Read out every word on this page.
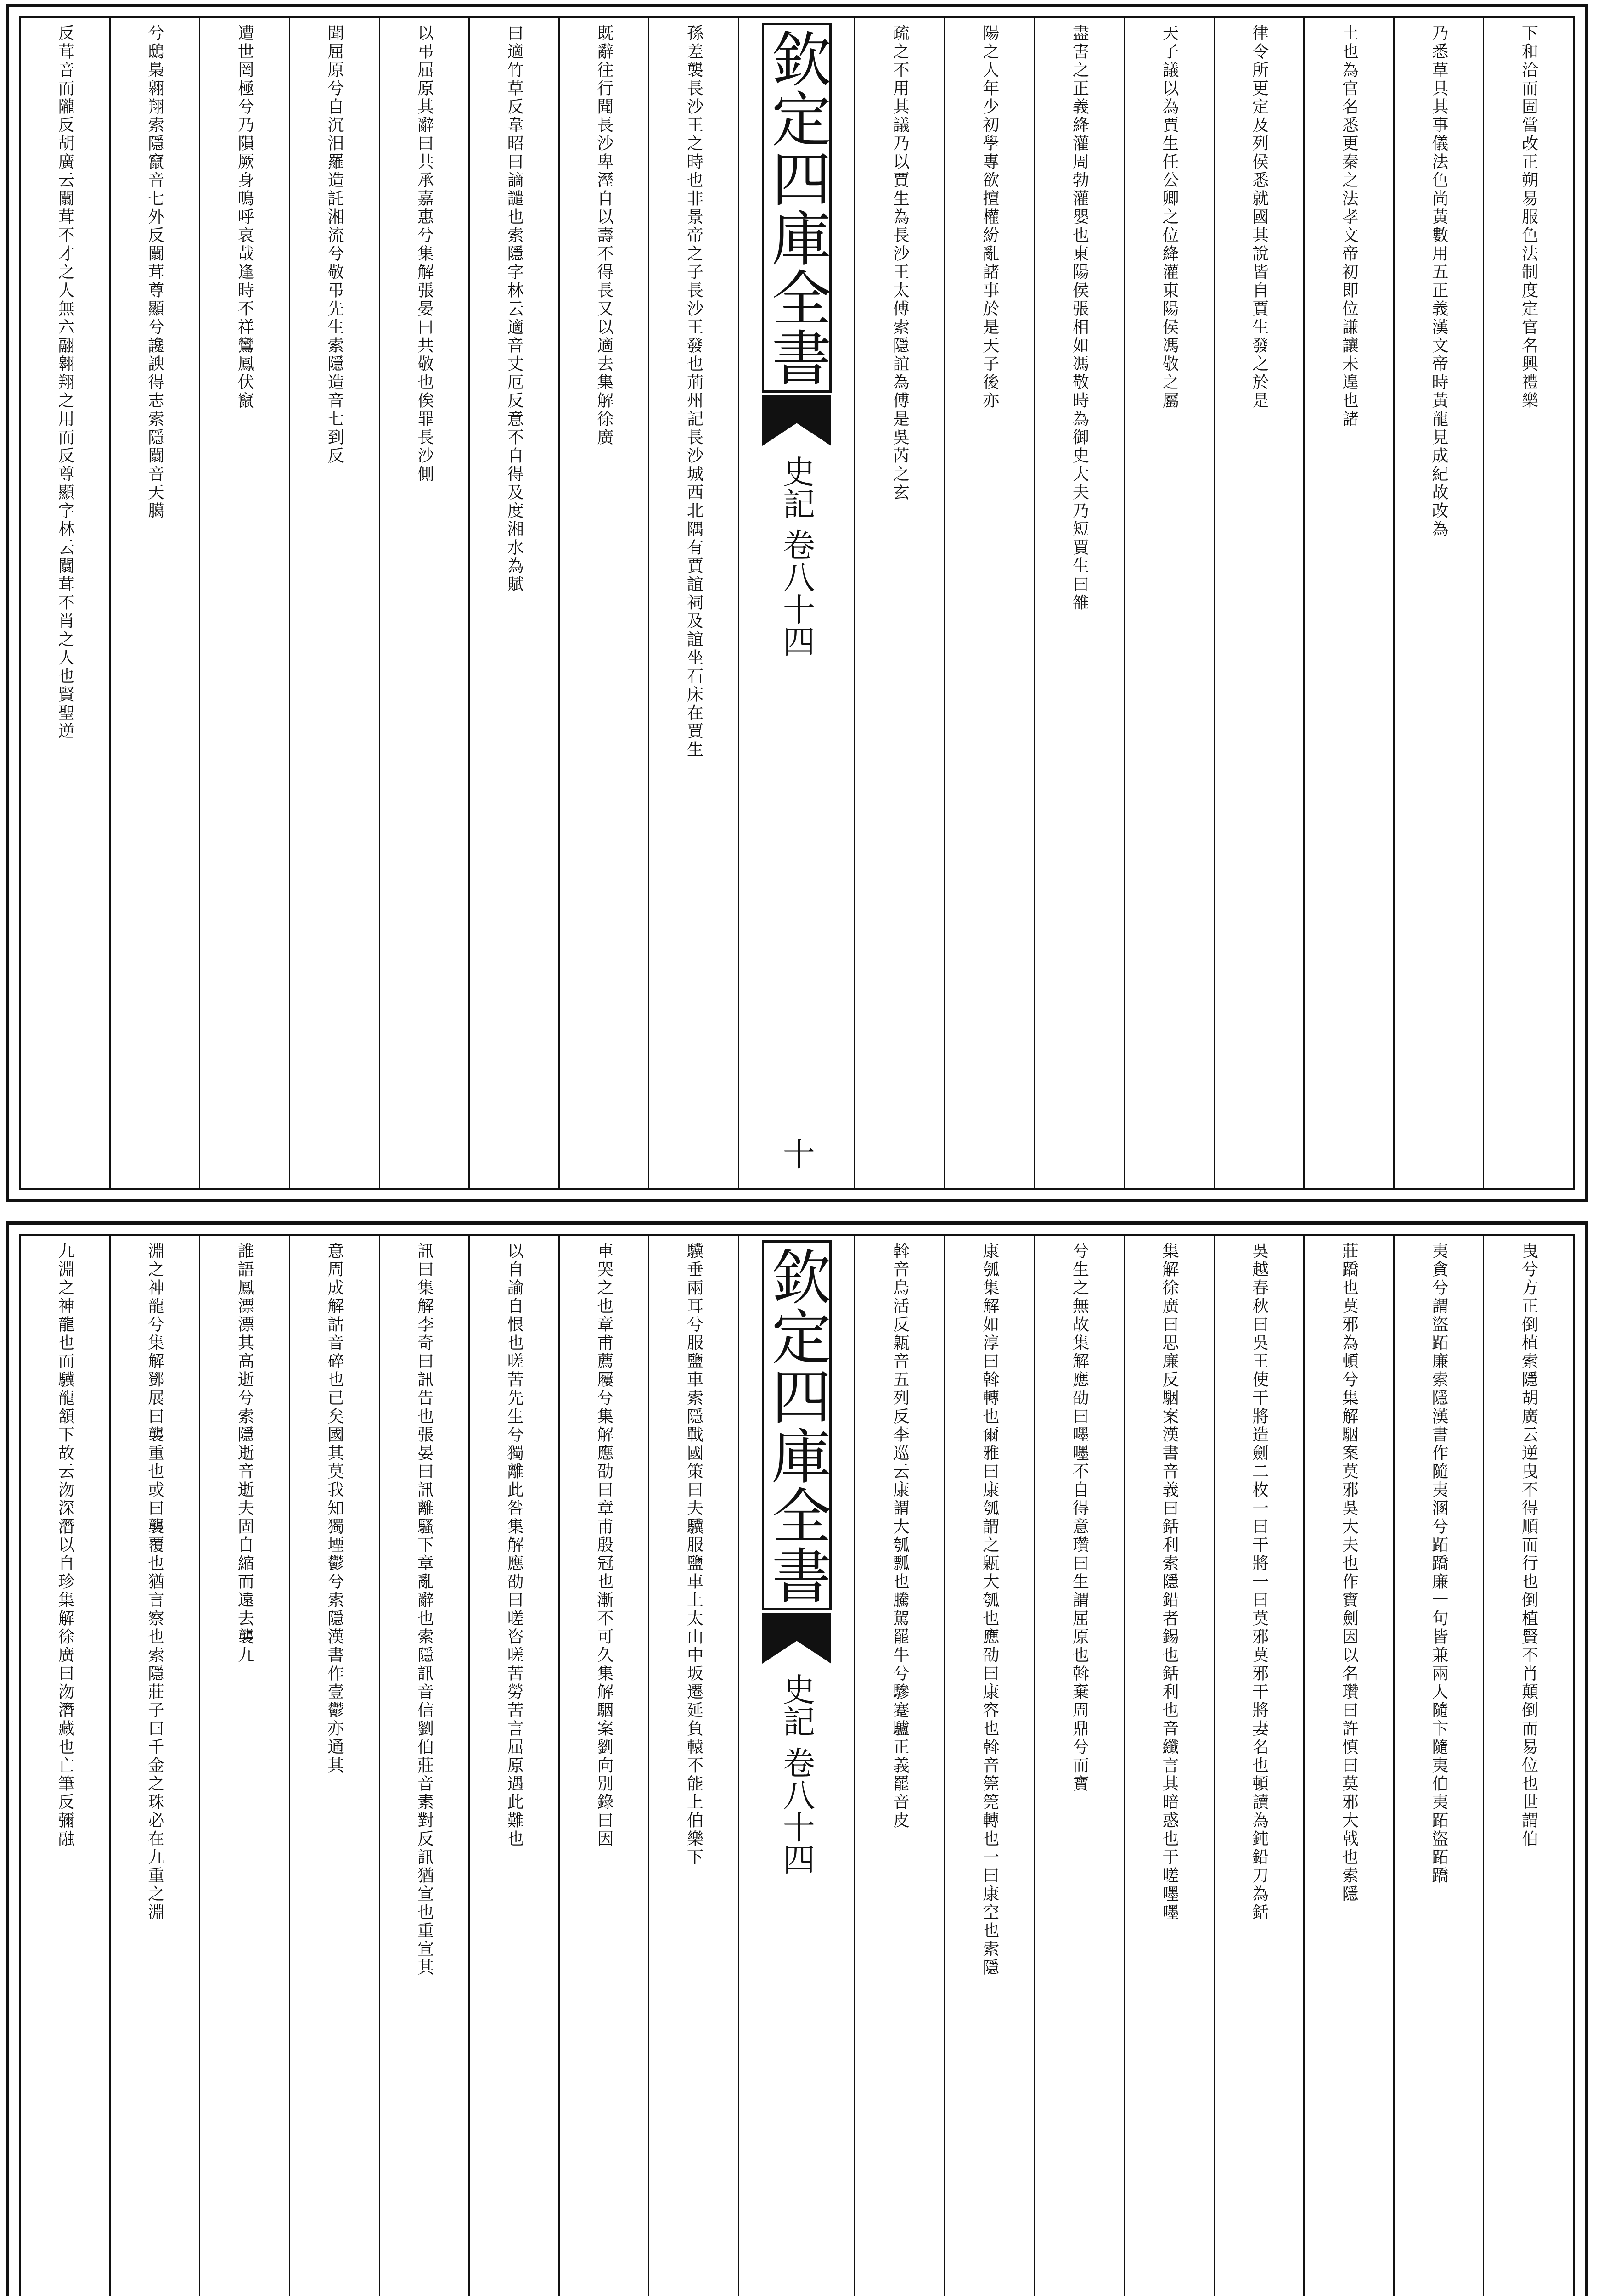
下和洽而固當改正朔易服色法制度定官名興禮樂
乃悉草具其事儀法色尚黃數用五正義漢文帝時黃龍見成紀故改為
土也為官名悉更秦之法孝文帝初即位謙讓未遑也諸
律令所更定及列侯悉就國其說皆自賈生發之於是
天子議以為賈生任公卿之位絳灌東陽侯馮敬之屬
盡害之正義絳灌周勃灌嬰也東陽侯張相如馮敬時為御史大夫乃短賈生曰雒
陽之人年少初學專欲擅權紛亂諸事於是天子後亦
疏之不用其議乃以賈生為長沙王太傅索隱誼為傅是吳芮之玄
欽定四庫全書
史記
卷八十四
十
孫差襲長沙王之時也非景帝之子長沙王發也荊州記長沙城西北隅有賈誼祠及誼坐石床在賈生
既辭往行聞長沙卑溼自以壽不得長又以適去集解徐廣
曰適竹草反韋昭曰謫譴也索隱字林云適音丈厄反意不自得及度湘水為賦
以弔屈原其辭曰共承嘉惠兮集解張晏曰共敬也俟罪長沙側
聞屈原兮自沉汨羅造託湘流兮敬弔先生索隱造音七到反
遭世罔極兮乃隕厥身嗚呼哀哉逢時不祥鸞鳳伏竄
兮鴟梟翱翔索隱竄音七外反闒茸尊顯兮讒諛得志索隱闒音天臈
反茸音而隴反胡廣云闒茸不才之人無六翮翱翔之用而反尊顯字林云闒茸不肖之人也賢聖逆
曳兮方正倒植索隱胡廣云逆曳不得順而行也倒植賢不肖顛倒而易位也世謂伯
夷貪兮謂盜跖廉索隱漢書作隨夷溷兮跖蹻廉一句皆兼兩人隨卞隨夷伯夷跖盜跖蹻
莊蹻也莫邪為頓兮集解駰案莫邪吳大夫也作寶劍因以名瓚曰許慎曰莫邪大戟也索隱
吳越春秋曰吳王使干將造劍二枚一曰干將一曰莫邪莫邪干將妻名也頓讀為鈍鉛刀為銛
集解徐廣曰思廉反駰案漢書音義曰銛利索隱鉛者錫也銛利也音纖言其暗惑也于嗟嚜嚜
兮生之無故集解應劭曰嚜嚜不自得意瓚曰生謂屈原也斡棄周鼎兮而寶
康瓠集解如淳曰斡轉也爾雅曰康瓠謂之甈大瓠也應劭曰康容也斡音筦筦轉也一曰康空也索隱
斡音烏活反甈音五列反李巡云康謂大瓠瓢也騰駕罷牛兮驂蹇驢正義罷音皮
欽定四庫全書
史記
卷八十四
驥垂兩耳兮服鹽車索隱戰國策曰夫驥服鹽車上太山中坂遷延負轅不能上伯樂下
車哭之也章甫薦屨兮集解應劭曰章甫殷冠也漸不可久集解駰案劉向別錄曰因
以自諭自恨也嗟苦先生兮獨離此咎集解應劭曰嗟咨嗟苦勞苦言屈原遇此難也
訊曰集解李奇曰訊告也張晏曰訊離騷下章亂辭也索隱訊音信劉伯莊音素對反訊猶宣也重宣其
意周成解詁音碎也已矣國其莫我知獨堙鬱兮索隱漢書作壹鬱亦通其
誰語鳳漂漂其高逝兮索隱逝音逝夫固自縮而遠去襲九
淵之神龍兮集解鄧展曰襲重也或曰襲覆也猶言察也索隱莊子曰千金之珠必在九重之淵
九淵之神龍也而驥龍頷下故云沕深潛以自珍集解徐廣曰沕潛藏也亡筆反彌融
